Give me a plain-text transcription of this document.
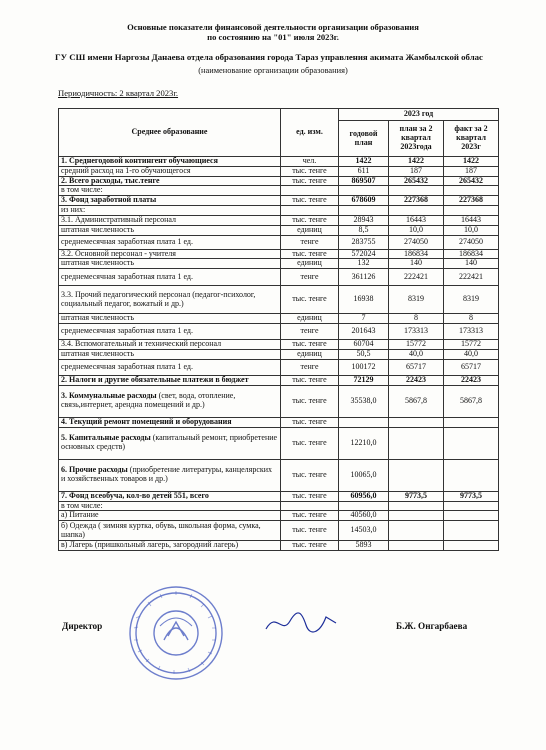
Основные показатели финансовой деятельности организации образования
по состоянию на "01" июля 2023г.
ГУ СШ имени Наргозы Данаева отдела образования города Тараз управления акимата Жамбылской облас
(наименование организации образования)
Периодичность: 2 квартал 2023г.
Среднее образование	ед. изм.	2023 год		
		годовой план	план за 2 квартал 2023года	факт за 2 квартал 2023г
1. Среднегодовой контингент обучающиеся	чел.	1422	1422	1422
средний расход на 1-го обучающегося	тыс. тенге	611	187	187
2. Всего расходы, тыс.тенге	тыс. тенге	869507	265432	265432
в том числе:				
3. Фонд заработной платы	тыс. тенге	678609	227368	227368
из них:				
3.1. Административный персонал	тыс. тенге	28943	16443	16443
штатная численность	единиц	8,5	10,0	10,0
среднемесячная заработная плата 1 ед.	тенге	283755	274050	274050
3.2. Основной персонал - учителя	тыс. тенге	572024	186834	186834
штатная численность	единиц	132	140	140
среднемесячная заработная плата 1 ед.	тенге	361126	222421	222421
3.3. Прочий педагогический персонал (педагог-психолог, социальный педагог, вожатый и др.)	тыс. тенге	16938	8319	8319
штатная численность	единиц	7	8	8
среднемесячная заработная плата 1 ед.	тенге	201643	173313	173313
3.4. Вспомогательный и технический персонал	тыс. тенге	60704	15772	15772
штатная численность	единиц	50,5	40,0	40,0
среднемесячная заработная плата 1 ед.	тенге	100172	65717	65717
2. Налоги и другие обязательные платежи в бюджет	тыс. тенге	72129	22423	22423
3. Коммунальные расходы (свет, вода, отопление, связь,интернет, арендна помещений и др.)	тыс. тенге	35538,0	5867,8	5867,8
4. Текущий ремонт помещений и оборудования	тыс. тенге			
5. Капитальные расходы (капитальный ремонт, приобретение основных средств)	тыс. тенге	12210,0		
6. Прочие расходы (приобретение литературы, канцелярских и хозяйственных товаров и др.)	тыс. тенге	10065,0		
7. Фонд всеобуча, кол-во детей 551, всего	тыс. тенге	60956,0	9773,5	9773,5
в том числе:				
а) Питание	тыс. тенге	40560,0		
б) Одежда ( зимняя куртка, обувь, школьная форма, сумка, шапка)	тыс. тенге	14503,0		
в) Лагерь (пришкольный лагерь, загородний лагерь)	тыс. тенге	5893		
Директор	Б.Ж. Онгарбаева
